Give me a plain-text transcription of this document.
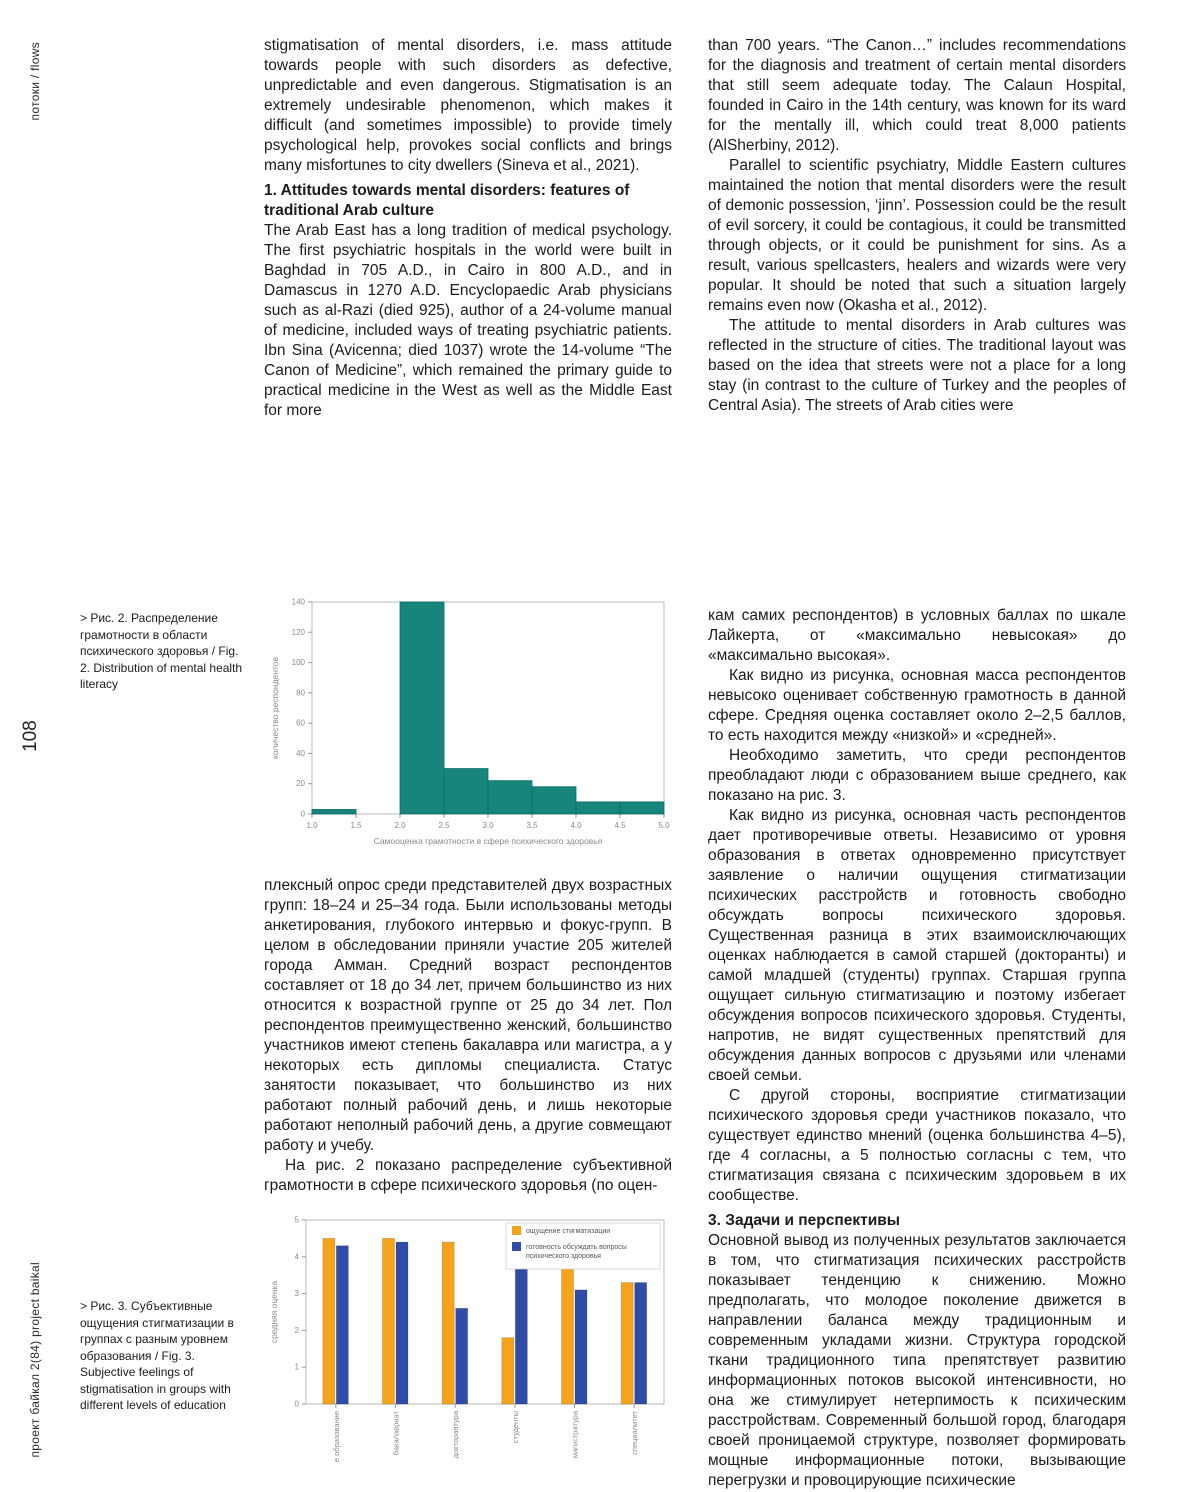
потоки / flows
108
проект байкал 2(84) project baikal

stigmatisation of mental disorders, i.e. mass attitude towards people with such disorders as defective, unpredictable and even dangerous. Stigmatisation is an extremely undesirable phenomenon, which makes it difficult (and sometimes impossible) to provide timely psychological help, provokes social conflicts and brings many misfortunes to city dwellers (Sineva et al., 2021).

1. Attitudes towards mental disorders: features of traditional Arab culture

The Arab East has a long tradition of medical psychology. The first psychiatric hospitals in the world were built in Baghdad in 705 A.D., in Cairo in 800 A.D., and in Damascus in 1270 A.D. Encyclopaedic Arab physicians such as al-Razi (died 925), author of a 24-volume manual of medicine, included ways of treating psychiatric patients. Ibn Sina (Avicenna; died 1037) wrote the 14-volume “The Canon of Medicine”, which remained the primary guide to practical medicine in the West as well as the Middle East for more

than 700 years. “The Canon…” includes recommendations for the diagnosis and treatment of certain mental disorders that still seem adequate today. The Calaun Hospital, founded in Cairo in the 14th century, was known for its ward for the mentally ill, which could treat 8,000 patients (AlSherbiny, 2012).

Parallel to scientific psychiatry, Middle Eastern cultures maintained the notion that mental disorders were the result of demonic possession, ‘jinn’. Possession could be the result of evil sorcery, it could be contagious, it could be transmitted through objects, or it could be punishment for sins. As a result, various spellcasters, healers and wizards were very popular. It should be noted that such a situation largely remains even now (Okasha et al., 2012).

The attitude to mental disorders in Arab cultures was reflected in the structure of cities. The traditional layout was based on the idea that streets were not a place for a long stay (in contrast to the culture of Turkey and the peoples of Central Asia). The streets of Arab cities were

> Рис. 2. Распределение грамотности в области психического здоровья / Fig. 2. Distribution of mental health literacy
0
20
40
60
80
100
120
140
1.0	1.5	2.0	2.5	3.0	3.5	4.0	4.5	5.0
Самооценка грамотности в сфере психического здоровья
количество респондентов

плексный опрос среди представителей двух возрастных групп: 18–24 и 25–34 года. Были использованы методы анкетирования, глубокого интервью и фокус-групп. В целом в обследовании приняли участие 205 жителей города Амман. Средний возраст респондентов составляет от 18 до 34 лет, причем большинство из них относится к возрастной группе от 25 до 34 лет. Пол респондентов преимущественно женский, большинство участников имеют степень бакалавра или магистра, а у некоторых есть дипломы специалиста. Статус занятости показывает, что большинство из них работают полный рабочий день, и лишь некоторые работают неполный рабочий день, а другие совмещают работу и учебу.

На рис. 2 показано распределение субъективной грамотности в сфере психического здоровья (по оцен-

кам самих респондентов) в условных баллах по шкале Лайкерта, от «максимально невысокая» до «максимально высокая».

Как видно из рисунка, основная масса респондентов невысоко оценивает собственную грамотность в данной сфере. Средняя оценка составляет около 2–2,5 баллов, то есть находится между «низкой» и «средней».

Необходимо заметить, что среди респондентов преобладают люди с образованием выше среднего, как показано на рис. 3.

Как видно из рисунка, основная часть респондентов дает противоречивые ответы. Независимо от уровня образования в ответах одновременно присутствует заявление о наличии ощущения стигматизации психических расстройств и готовность свободно обсуждать вопросы психического здоровья. Существенная разница в этих взаимоисключающих оценках наблюдается в самой старшей (докторанты) и самой младшей (студенты) группах. Старшая группа ощущает сильную стигматизацию и поэтому избегает обсуждения вопросов психического здоровья. Студенты, напротив, не видят существенных препятствий для обсуждения данных вопросов с друзьями или членами своей семьи.

С другой стороны, восприятие стигматизации психического здоровья среди участников показало, что существует единство мнений (оценка большинства 4–5), где 4 согласны, а 5 полностью согласны с тем, что стигматизация связана с психическим здоровьем в их сообществе.

3. Задачи и перспективы

Основной вывод из полученных результатов заключается в том, что стигматизация психических расстройств показывает тенденцию к снижению. Можно предполагать, что молодое поколение движется в направлении баланса между традиционным и современным укладами жизни. Структура городской ткани традиционного типа препятствует развитию информационных потоков высокой интенсивности, но она же стимулирует нетерпимость к психическим расстройствам. Современный большой город, благодаря своей проницаемой структуре, позволяет формировать мощные информационные потоки, вызывающие перегрузки и провоцирующие психические

> Рис. 3. Субъективные ощущения стигматизации в группах с разным уровнем образования / Fig. 3. Subjective feelings of stigmatisation in groups with different levels of education	0
1
2
3
4
5
среднее образование	бакалавриат	докторантура	студенты	магистратура	специалитет
средняя оценка
ощущение стигматизации
готовность обсуждать вопросы
психического здоровья
